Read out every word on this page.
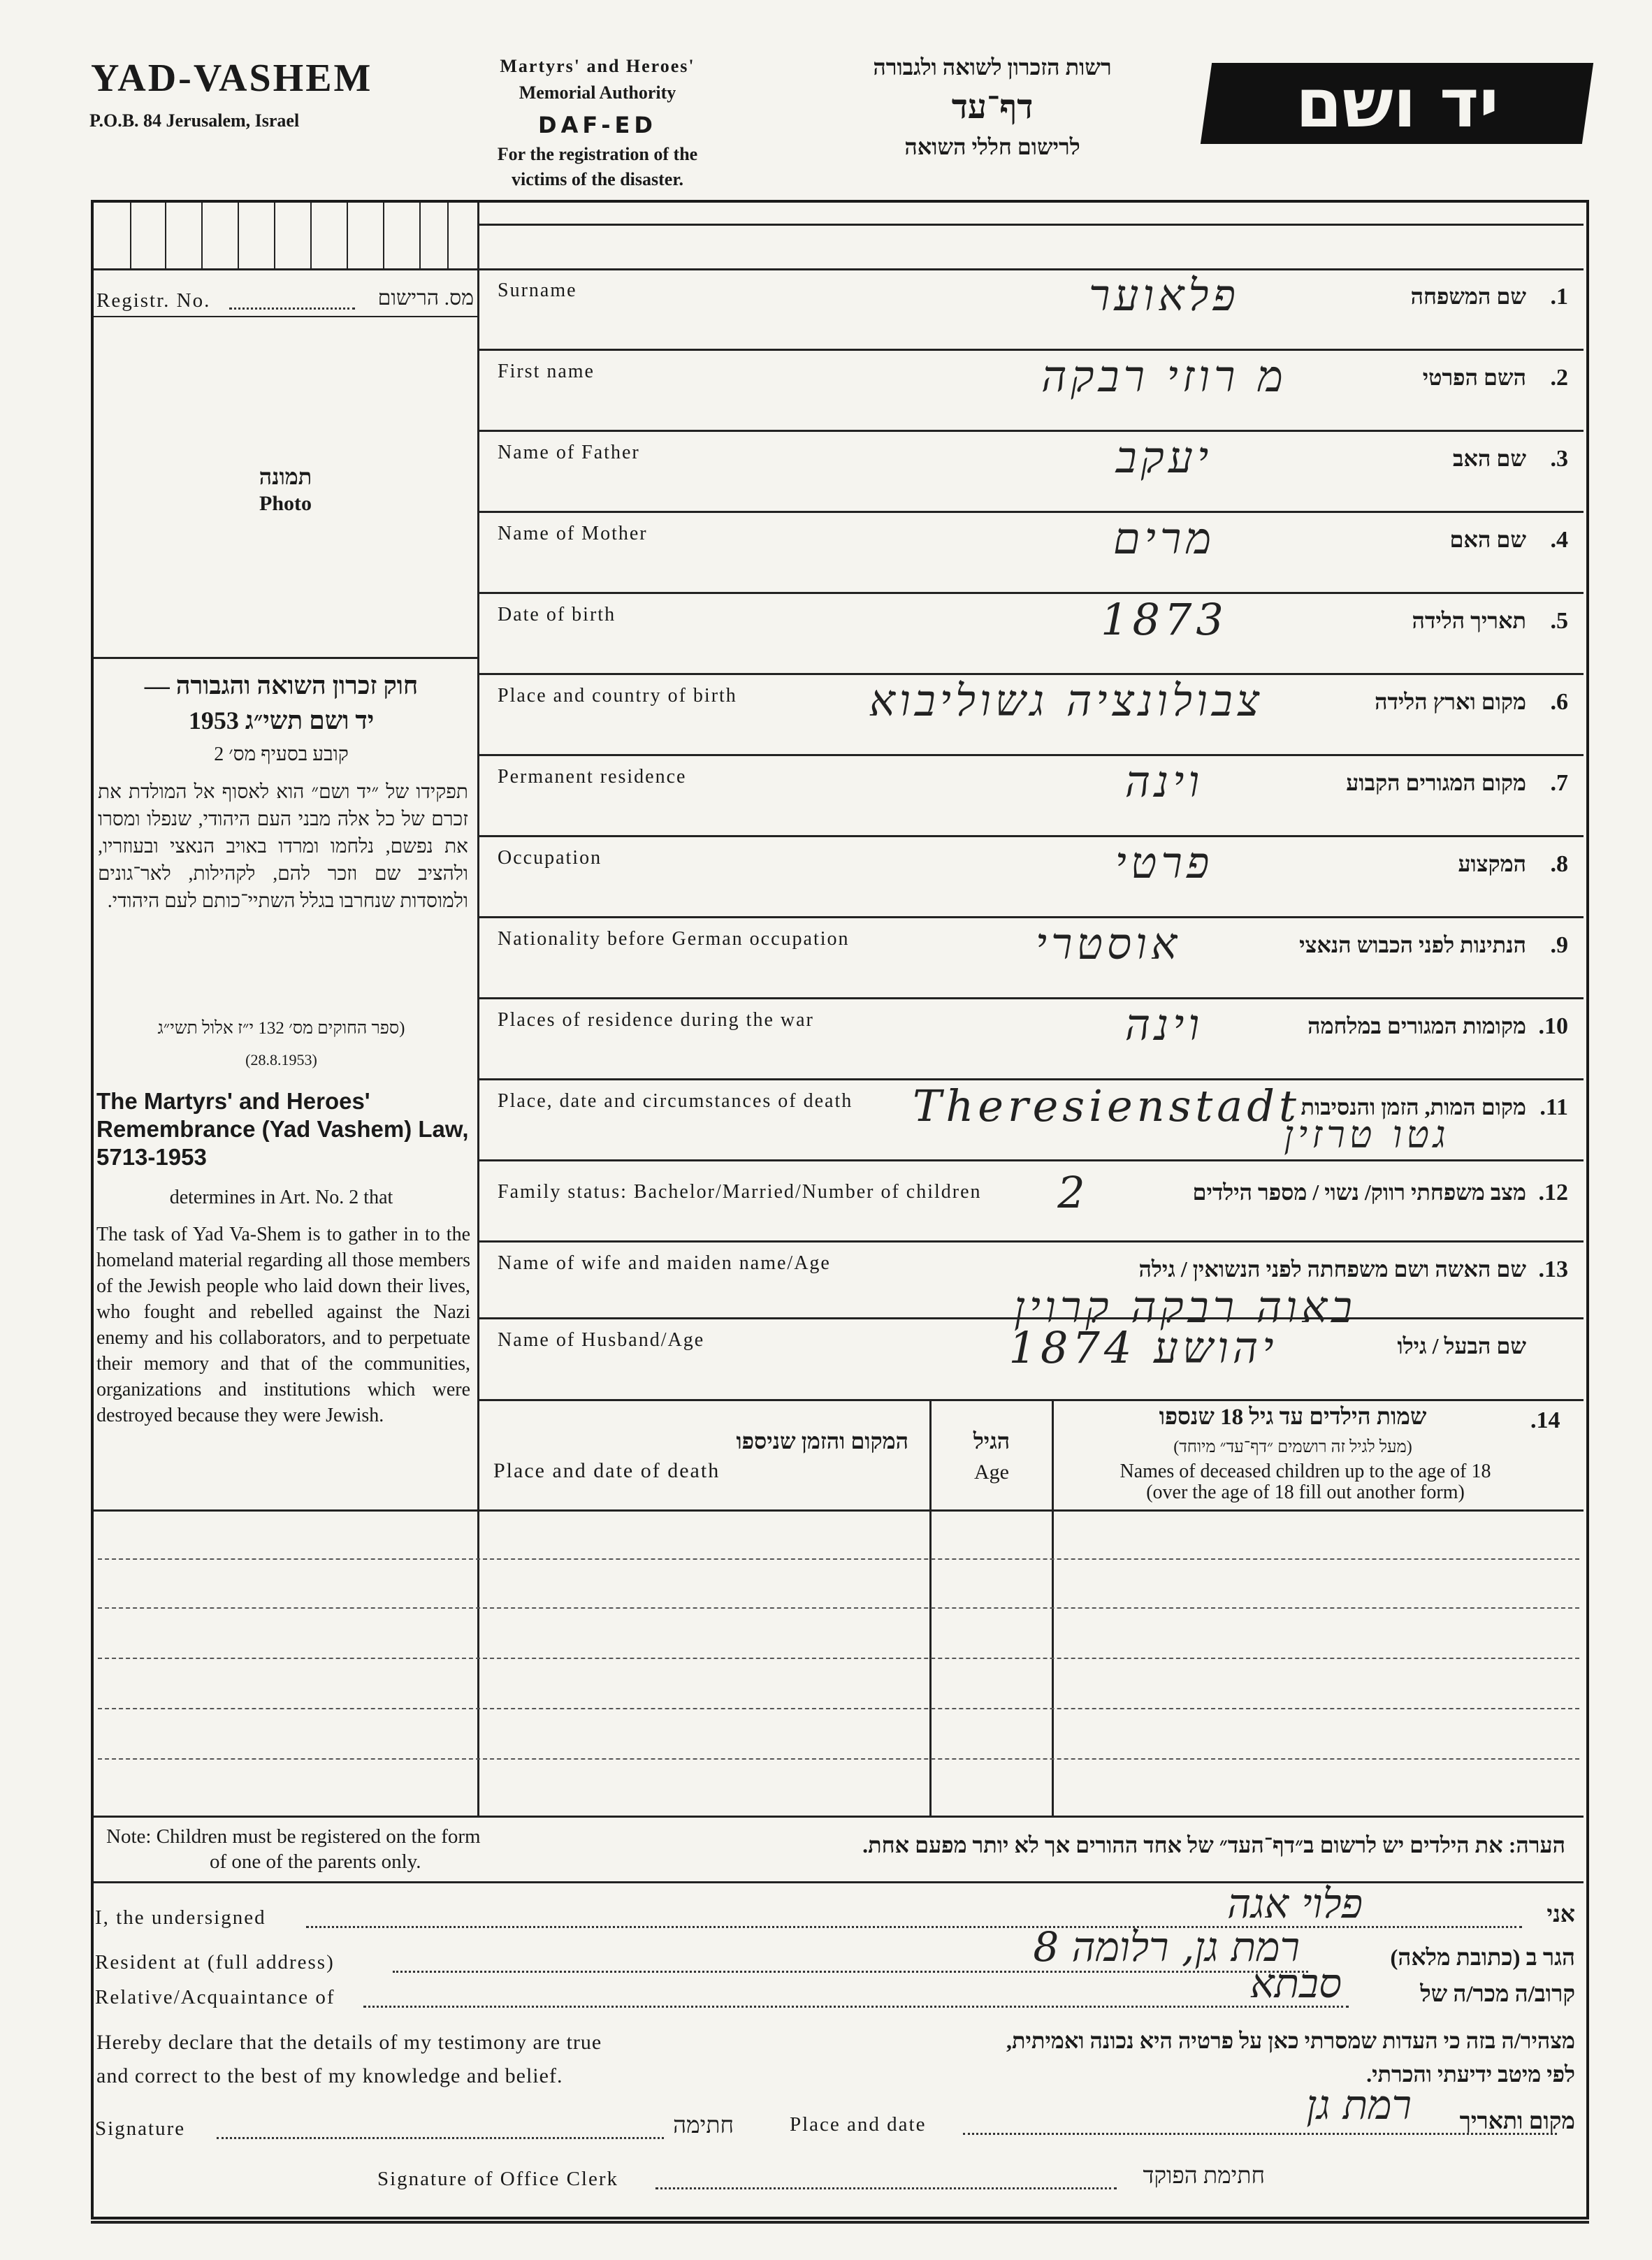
YAD-VASHEM
P.O.B. 84 Jerusalem, Israel
Martyrs' and Heroes'
Memorial Authority
DAF-ED
For the registration of the
victims of the disaster.
רשות הזכרון לשואה ולגבורה
דף־עד
לרישום חללי השואה
יד ושם
Registr. No.	מס. הרישום
תמונה
Photo
חוק זכרון השואה והגבורה —
יד ושם תשי״ג 1953
קובע בסעיף מס׳ 2
תפקידו של ״יד ושם״ הוא לאסוף אל המולדת את זכרם של כל אלה מבני העם היהודי, שנפלו ומסרו את נפשם, נלחמו ומרדו באויב הנאצי ובעוזריו, ולהציב שם וזכר להם, לקהילות, לאר־גונים ולמוסדות שנחרבו בגלל השתיי־כותם לעם היהודי.
(ספר החוקים מס׳ 132 י״ז אלול תשי״ג
(28.8.1953)
The Martyrs' and Heroes' Remembrance (Yad Vashem) Law, 5713-1953
determines in Art. No. 2 that
The task of Yad Va-Shem is to gather in to the homeland material regarding all those members of the Jewish people who laid down their lives, who fought and rebelled against the Nazi enemy and his collaborators, and to perpetuate their memory and that of the communities, organizations and institutions which were destroyed because they were Jewish.
Surname	שם המשפחה	.1
פלאוער
First name	השם הפרטי	.2
מ רוזי רבקה
Name of Father	שם האב	.3
יעקב
Name of Mother	שם האם	.4
מרים
Date of birth	תאריך הלידה	.5
1873
Place and country of birth	מקום וארץ הלידה	.6
צבולונציה גשוליבוא
Permanent residence	מקום המגורים הקבוע	.7
וינה
Occupation	המקצוע	.8
פרטי
Nationality before German occupation	הנתינות לפני הכבוש הנאצי	.9
אוסטרי
Places of residence during the war	מקומות המגורים במלחמה .10
וינה
Place, date and circumstances of death	מקום המות, הזמן והנסיבות .11
Theresienstadt
גטו טרזין
Family status: Bachelor/Married/Number of children	מצב משפחתי רווק/ נשוי / מספר הילדים .12
2
Name of wife and maiden name/Age	שם האשה ושם משפחתה לפני הנשואין / גילה .13
באוה רבקה קרוין
Name of Husband/Age	שם הבעל / גילו
יהושע 1874
.14
שמות הילדים עד גיל 18 שנספו
(מעל לגיל זה רושמים ״דף־עד״ מיוחד)
Names of deceased children up to the age of 18
(over the age of 18 fill out another form)
הגיל
Age
המקום והזמן שניספו
Place and date of death
Note: Children must be registered on the form
of one of the parents only.
הערה: את הילדים יש לרשום ב״דף־העד״ של אחד ההורים אך לא יותר מפעם אחת.
I, the undersigned	פלוי אגה	אני
Resident at (full address)	רמת גן, רלומה 8	הגר ב (כתובת מלאה)
Relative/Acquaintance of	סבתא	קרוב/ה מכר/ה של
Hereby declare that the details of my testimony are true
and correct to the best of my knowledge and belief.
מצהיר/ה בזה כי העדות שמסרתי כאן על פרטיה היא נכונה ואמיתית,
לפי מיטב ידיעתי והכרתי.
Signature	חתימה	Place and date	רמת גן	מקום ותאריך
Signature of Office Clerk	חתימת הפוקד
